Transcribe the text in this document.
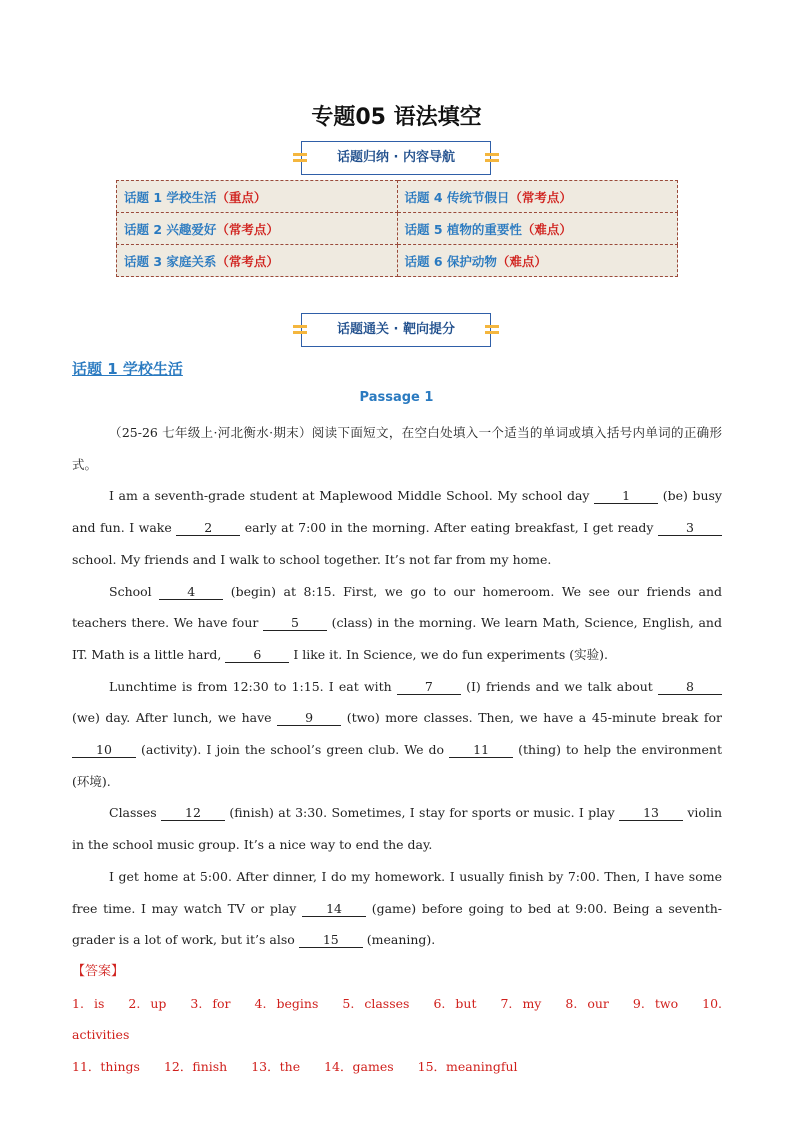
专题05 语法填空
话题归纳 · 内容导航
话题 1 学校生活（重点）	话题 4 传统节假日（常考点）
话题 2 兴趣爱好（常考点）	话题 5 植物的重要性（难点）
话题 3 家庭关系（常考点）	话题 6 保护动物（难点）
话题通关 · 靶向提分
话题 1 学校生活
Passage 1

（25-26 七年级上·河北衡水·期末）阅读下面短文，在空白处填入一个适当的单词或填入括号内单词的正确形式。

I am a seventh-grade student at Maplewood Middle School. My school day 1 (be) busy and fun. I wake 2 early at 7:00 in the morning. After eating breakfast, I get ready 3 school. My friends and I walk to school together. It’s not far from my home.

School 4 (begin) at 8:15. First, we go to our homeroom. We see our friends and teachers there. We have four 5 (class) in the morning. We learn Math, Science, English, and IT. Math is a little hard, 6 I like it. In Science, we do fun experiments (实验).

Lunchtime is from 12:30 to 1:15. I eat with 7 (I) friends and we talk about 8 (we) day. After lunch, we have 9 (two) more classes. Then, we have a 45-minute break for 10 (activity). I join the school’s green club. We do 11 (thing) to help the environment (环境).

Classes 12 (finish) at 3:30. Sometimes, I stay for sports or music. I play 13 violin in the school music group. It’s a nice way to end the day.

I get home at 5:00. After dinner, I do my homework. I usually finish by 7:00. Then, I have some free time. I may watch TV or play 14 (game) before going to bed at 9:00. Being a seventh-grader is a lot of work, but it’s also 15 (meaning).

【答案】

1. is 2. up 3. for 4. begins 5. classes 6. but 7. my 8. our 9. two 10. activities

11．things 12．finish 13．the 14．games 15．meaningful
